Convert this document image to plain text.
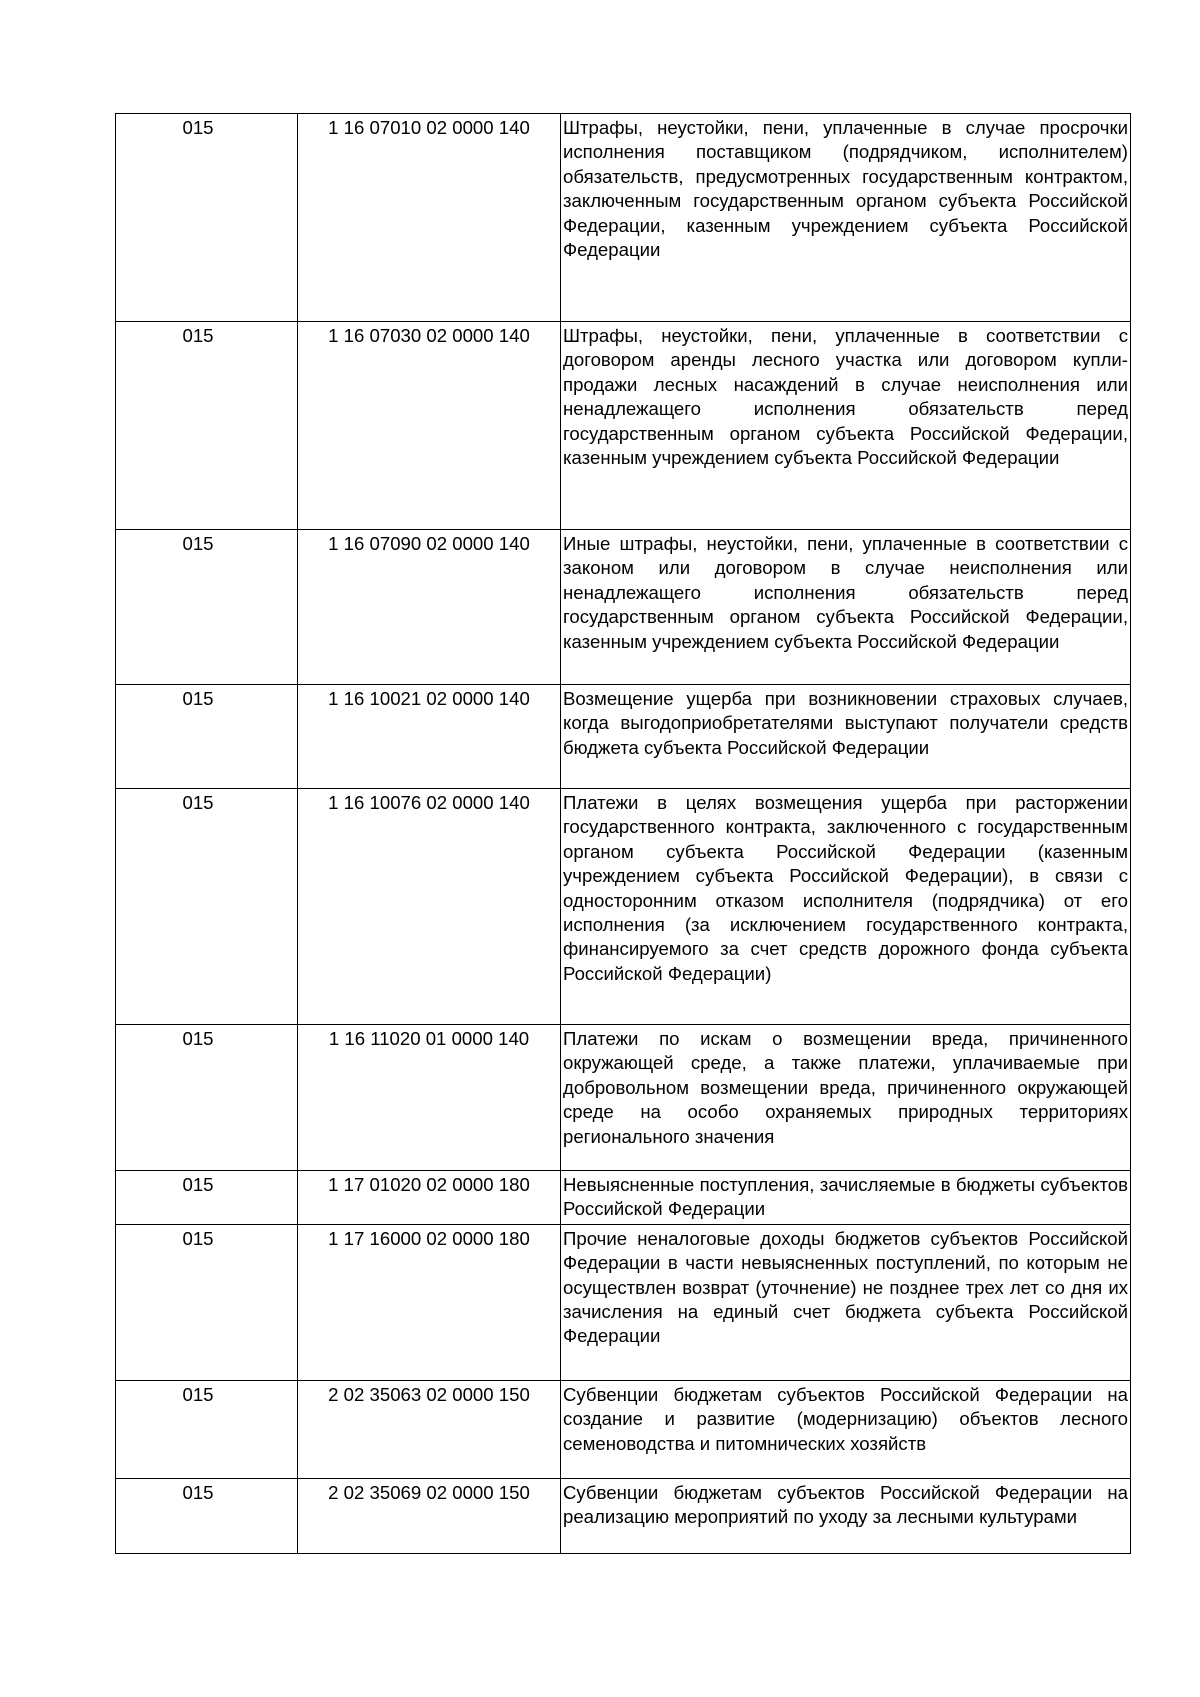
015	1 16 07010 02 0000 140	Штрафы, неустойки, пени, уплаченные в случае просрочки исполнения поставщиком (подрядчиком, исполнителем) обязательств, предусмотренных государственным контрактом, заключенным государственным органом субъекта Российской Федерации, казенным учреждением субъекта Российской Федерации
015	1 16 07030 02 0000 140	Штрафы, неустойки, пени, уплаченные в соответствии с договором аренды лесного участка или договором купли-продажи лесных насаждений в случае неисполнения или ненадлежащего исполнения обязательств перед государственным органом субъекта Российской Федерации, казенным учреждением субъекта Российской Федерации
015	1 16 07090 02 0000 140	Иные штрафы, неустойки, пени, уплаченные в соответствии с законом или договором в случае неисполнения или ненадлежащего исполнения обязательств перед государственным органом субъекта Российской Федерации, казенным учреждением субъекта Российской Федерации
015	1 16 10021 02 0000 140	Возмещение ущерба при возникновении страховых случаев, когда выгодоприобретателями выступают получатели средств бюджета субъекта Российской Федерации
015	1 16 10076 02 0000 140	Платежи в целях возмещения ущерба при расторжении государственного контракта, заключенного с государственным органом субъекта Российской Федерации (казенным учреждением субъекта Российской Федерации), в связи с односторонним отказом исполнителя (подрядчика) от его исполнения (за исключением государственного контракта, финансируемого за счет средств дорожного фонда субъекта Российской Федерации)
015	1 16 11020 01 0000 140	Платежи по искам о возмещении вреда, причиненного окружающей среде, а также платежи, уплачиваемые при добровольном возмещении вреда, причиненного окружающей среде на особо охраняемых природных территориях регионального значения
015	1 17 01020 02 0000 180	Невыясненные поступления, зачисляемые в бюджеты субъектов Российской Федерации
015	1 17 16000 02 0000 180	Прочие неналоговые доходы бюджетов субъектов Российской Федерации в части невыясненных поступлений, по которым не осуществлен возврат (уточнение) не позднее трех лет со дня их зачисления на единый счет бюджета субъекта Российской Федерации
015	2 02 35063 02 0000 150	Субвенции бюджетам субъектов Российской Федерации на создание и развитие (модернизацию) объектов лесного семеноводства и питомнических хозяйств
015	2 02 35069 02 0000 150	Субвенции бюджетам субъектов Российской Федерации на реализацию мероприятий по уходу за лесными культурами
